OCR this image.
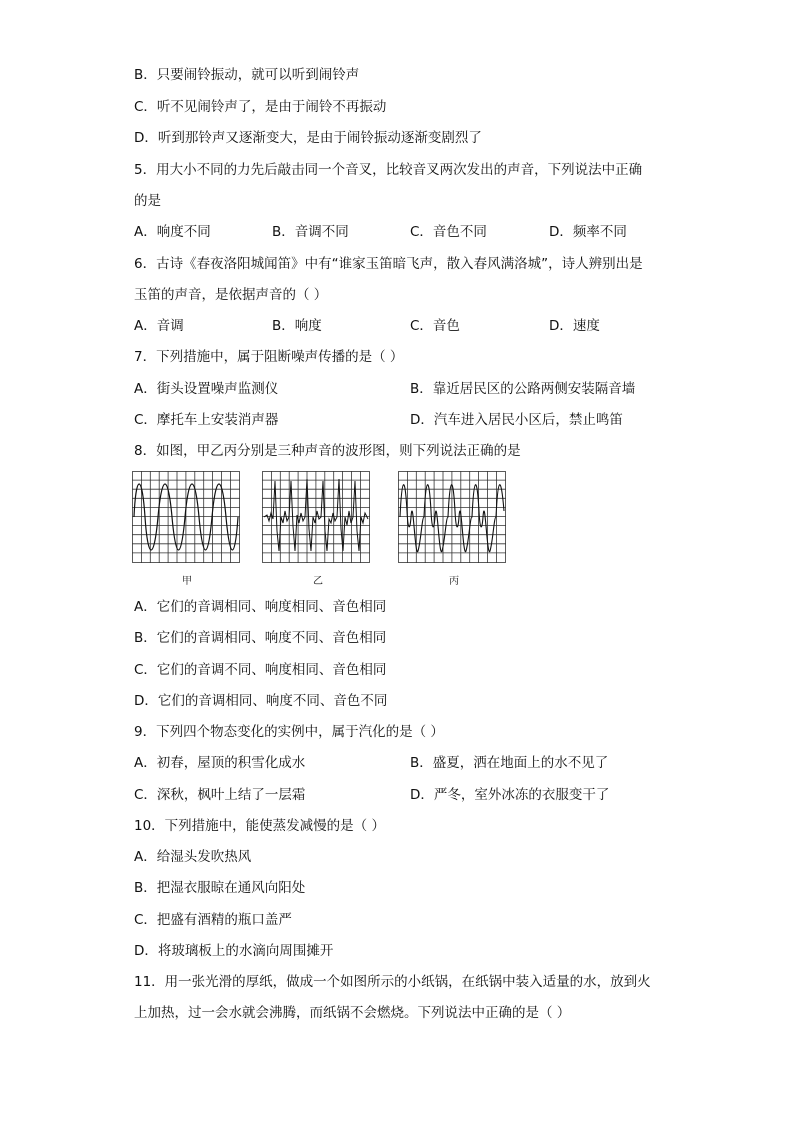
B．只要闹铃振动，就可以听到闹铃声
C．听不见闹铃声了，是由于闹铃不再振动
D．听到那铃声又逐渐变大，是由于闹铃振动逐渐变剧烈了
5．用大小不同的力先后敲击同一个音叉，比较音叉两次发出的声音，下列说法中正确
的是
A．响度不同	B．音调不同	C．音色不同	D．频率不同
6．古诗《春夜洛阳城闻笛》中有“谁家玉笛暗飞声，散入春风满洛城”，诗人辨别出是
玉笛的声音，是依据声音的（ ）
A．音调	B．响度	C．音色	D．速度
7．下列措施中，属于阻断噪声传播的是（ ）
A．街头设置噪声监测仪	B．靠近居民区的公路两侧安装隔音墙
C．摩托车上安装消声器	D．汽车进入居民小区后，禁止鸣笛
8．如图，甲乙丙分别是三种声音的波形图，则下列说法正确的是
甲	乙	丙
A．它们的音调相同、响度相同、音色相同
B．它们的音调相同、响度不同、音色相同
C．它们的音调不同、响度相同、音色相同
D．它们的音调相同、响度不同、音色不同
9．下列四个物态变化的实例中，属于汽化的是（ ）
A．初春，屋顶的积雪化成水	B．盛夏，洒在地面上的水不见了
C．深秋，枫叶上结了一层霜	D．严冬，室外冰冻的衣服变干了
10．下列措施中，能使蒸发减慢的是（ ）
A．给湿头发吹热风
B．把湿衣服晾在通风向阳处
C．把盛有酒精的瓶口盖严
D．将玻璃板上的水滴向周围摊开
11．用一张光滑的厚纸，做成一个如图所示的小纸锅，在纸锅中装入适量的水，放到火
上加热，过一会水就会沸腾，而纸锅不会燃烧。下列说法中正确的是（ ）
